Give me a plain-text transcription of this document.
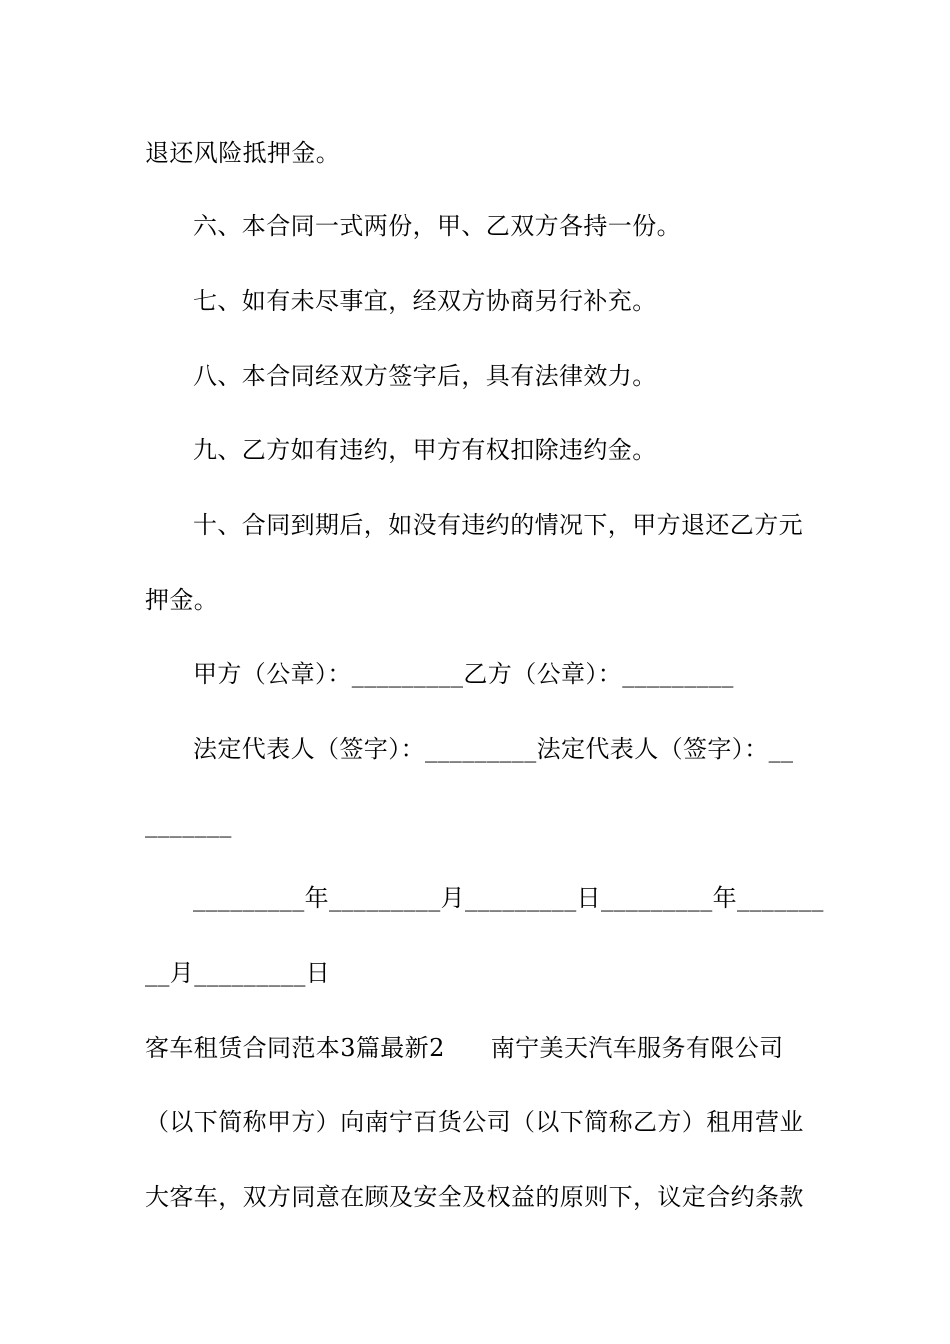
退还风险抵押金。
六、本合同一式两份，甲、乙双方各持一份。
七、如有未尽事宜，经双方协商另行补充。
八、本合同经双方签字后，具有法律效力。
九、乙方如有违约，甲方有权扣除违约金。
十、合同到期后，如没有违约的情况下，甲方退还乙方元
押金。
甲方（公章）：_________乙方（公章）：_________
法定代表人（签字）：_________法定代表人（签字）：__
_______
_________年_________月_________日_________年_______
__月_________日
客车租赁合同范本3篇最新2 南宁美天汽车服务有限公司
（以下简称甲方）向南宁百货公司（以下简称乙方）租用营业
大客车，双方同意在顾及安全及权益的原则下，议定合约条款
